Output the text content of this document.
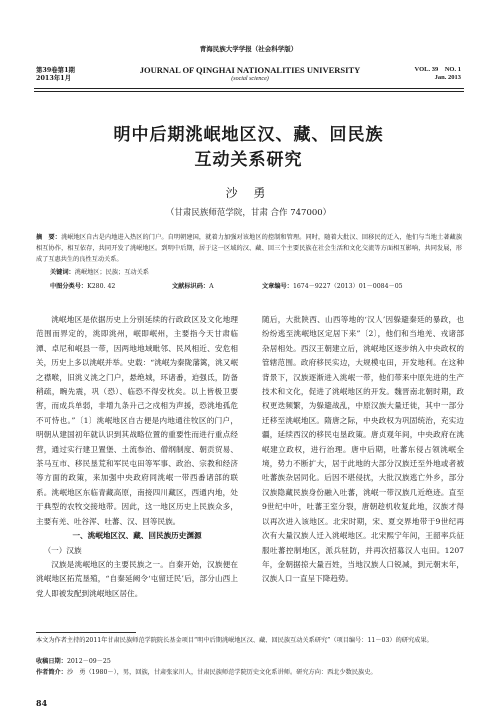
青海民族大学学报（社会科学版）
第39卷第1期
2013年1月
JOURNAL OF QINGHAI NATIONALITIES UNIVERSITY
(social science)
VOL. 39　NO. 1
Jan. 2013
明中后期洮岷地区汉、藏、回民族
互动关系研究
沙 勇
（甘肃民族师范学院，甘肃 合作 747000）
摘　要：洮岷地区自古是内地进入热区的门户。自明朝建国，就着力加强对该地区的控制和管理。同时，随着大批汉、回移民的迁入，他们与当地土著藏族相互协作，相互依存，共同开发了洮岷地区。到明中后期，居于这一区域的汉、藏、回三个主要民族在社会生活和文化交流等方面相互影响，共同发展，形成了互惠共生的良性互动关系。
关键词：洮岷地区；民族；互动关系
中图分类号：K280. 42	文献标识码：A	文章编号：1674－9227（2013）01－0084－05

洮岷地区是依据历史上分别延续的行政政区及文化地理范围而界定的，洮即洮州，岷即岷州，主要指今天甘肃临潭、卓尼和岷县一带，因两地地域毗邻、民风相近、安危相关，历史上多以洮岷并举。史载：“洮岷为秦陇藩篱，洮又岷之襟喉，旧洮义洮之门户，悬绝城，环诸番，迫强氐，防备稍疏，畹先震，巩（恐）、临恐不得安枕矣。以上皆极卫要害，而成兵单弱，非增九条升己之戍相为声援，恐洮地孤危不可恃也。”〔1〕洮岷地区自古便是内地通往牧区的门户，明朝从建国初年就认识到其战略位置的重要性而进行重点经营，通过实行建卫置堡、土流参治、僧纲制度、朝贡贸易、茶马互市、移民垦荒和军民屯田等军事、政治、宗教和经济等方面的政策，来加强中央政府同洮岷一带西番诸部的联系。洮岷地区东临青藏高原，南接四川藏区，西通内地，处于典型的农牧交接地带。因此，这一地区历史上民族众多，主要有羌、吐谷浑、吐蕃、汉、回等民族。

一、洮岷地区汉、藏、回民族历史渊源

（一）汉族

汉族是洮岷地区的主要民族之一。自秦开始，汉族便在洮岷地区拓荒垦殖，“自秦延阙令‘屯留迁民’后，部分山西上党人即被发配到洮岷地区居住。

随后，大批陕西、山西等地的‘汉人’因躲避秦廷的暴政，也纷纷逃至洮岷地区定居下来”〔2〕，他们和当地羌、戎诸部杂居相处。西汉王朝建立后，洮岷地区逐步纳入中央政权的管辖范围。政府移民实边，大规模屯田，开发地利。在这种背景下，汉族逐渐进入洮岷一带，他们带来中原先进的生产技术和文化，促进了洮岷地区的开发。魏晋南北朝时期，政权更迭频繁，为躲避战乱，中原汉族大量迁徙，其中一部分迁移至洮岷地区。隋唐之际，中央政权为巩固统治，充实边疆，延续西汉的移民屯垦政策。唐贞观年间，中央政府在洮岷建立政权，进行治理。唐中后期，吐蕃东侵占领洮岷全境，势力不断扩大，居于此地的大部分汉族迁至外地或者被吐蕃族杂居同化。后因不堪侵扰，大批汉族逃亡外乡，部分汉族隐藏民族身份融入吐蕃，洮岷一带汉族几近绝迹。直至9世纪中叶，吐蕃王室分裂，唐朝趁机收复此地，汉族才得以再次进入该地区。北宋时期，宋、夏交界地带于9世纪再次有大量汉族人迁入洮岷地区。北宋熙宁年间，王韶率兵征服吐蕃控制地区，派兵驻防，并再次招募汉人屯田。1207年，金朝据掠大量百姓，当地汉族人口锐减，到元朝末年，汉族人口一直呈下降趋势。

本文为作者主持的2011年甘肃民族师范学院院长基金项目“明中后期洮岷地区汉、藏、回民族互动关系研究”（项目编号：11－03）的研究成果。
收稿日期：2012－09－25
作者简介：沙　勇（1980－），男，回族，甘肃张家川人，甘肃民族师范学院历史文化系讲师。研究方向：西北少数民族史。
84
